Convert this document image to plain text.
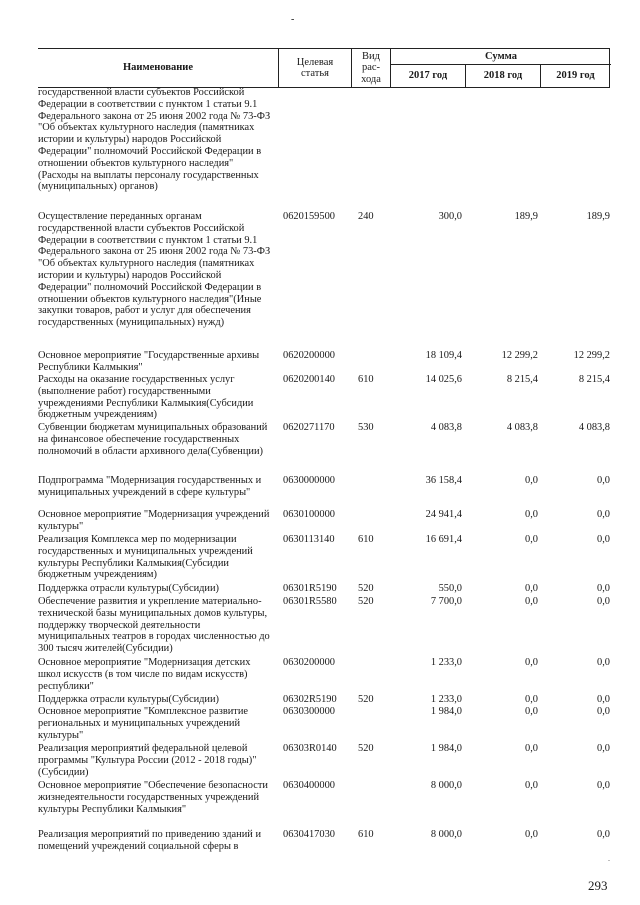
-
Наименование
Целевая
статья
Вид
рас-
хода
Сумма
2017 год	2018 год	2019 год
государственной власти субъектов Российской Федерации в соответствии с пунктом 1 статьи 9.1 Федерального закона от 25 июня 2002 года № 73-ФЗ "Об объектах культурного наследия (памятниках истории и культуры) народов Российской Федерации" полномочий Российской Федерации в отношении объектов культурного наследия"(Расходы на выплаты персоналу государственных (муниципальных) органов)
Осуществление переданных органам государственной власти субъектов Российской Федерации в соответствии с пунктом 1 статьи 9.1 Федерального закона от 25 июня 2002 года № 73-ФЗ "Об объектах культурного наследия (памятниках истории и культуры) народов Российской Федерации" полномочий Российской Федерации в отношении объектов культурного наследия"(Иные закупки товаров, работ и услуг для обеспечения государственных (муниципальных) нужд)
0620159500	240	300,0	189,9	189,9
Основное мероприятие "Государственные архивы Республики Калмыкия"
0620200000	18 109,4	12 299,2	12 299,2
Расходы на оказание государственных услуг (выполнение работ) государственными учреждениями Республики Калмыкия(Субсидии бюджетным учреждениям)
0620200140	610	14 025,6	8 215,4	8 215,4
Субвенции бюджетам муниципальных образований на финансовое обеспечение государственных полномочий в области архивного дела(Субвенции)
0620271170	530	4 083,8	4 083,8	4 083,8
Подпрограмма "Модернизация государственных и муниципальных учреждений в сфере культуры"
0630000000	36 158,4	0,0	0,0
Основное мероприятие "Модернизация учреждений культуры"
0630100000	24 941,4	0,0	0,0
Реализация Комплекса мер по модернизации государственных и муниципальных учреждений культуры Республики Калмыкия(Субсидии бюджетным учреждениям)
0630113140	610	16 691,4	0,0	0,0
Поддержка отрасли культуры(Субсидии)	06301R5190	520	550,0	0,0	0,0
Обеспечение развития и укрепление материально-технической базы муниципальных домов культуры, поддержку творческой деятельности муниципальных театров в городах численностью до 300 тысяч жителей(Субсидии)
06301R5580	520	7 700,0	0,0	0,0
Основное мероприятие "Модернизация детских школ искусств (в том числе по видам искусств) республики"
0630200000	1 233,0	0,0	0,0
Поддержка отрасли культуры(Субсидии)	06302R5190	520	1 233,0	0,0	0,0
Основное мероприятие "Комплексное развитие региональных и муниципальных учреждений культуры"
0630300000	1 984,0	0,0	0,0
Реализация мероприятий федеральной целевой программы "Культура России (2012 - 2018 годы)"(Субсидии)
06303R0140	520	1 984,0	0,0	0,0
Основное мероприятие "Обеспечение безопасности жизнедеятельности государственных учреждений культуры Республики Калмыкия"
0630400000	8 000,0	0,0	0,0
Реализация мероприятий по приведению зданий и помещений учреждений социальной сферы в
0630417030	610	8 000,0	0,0	0,0
.
293
